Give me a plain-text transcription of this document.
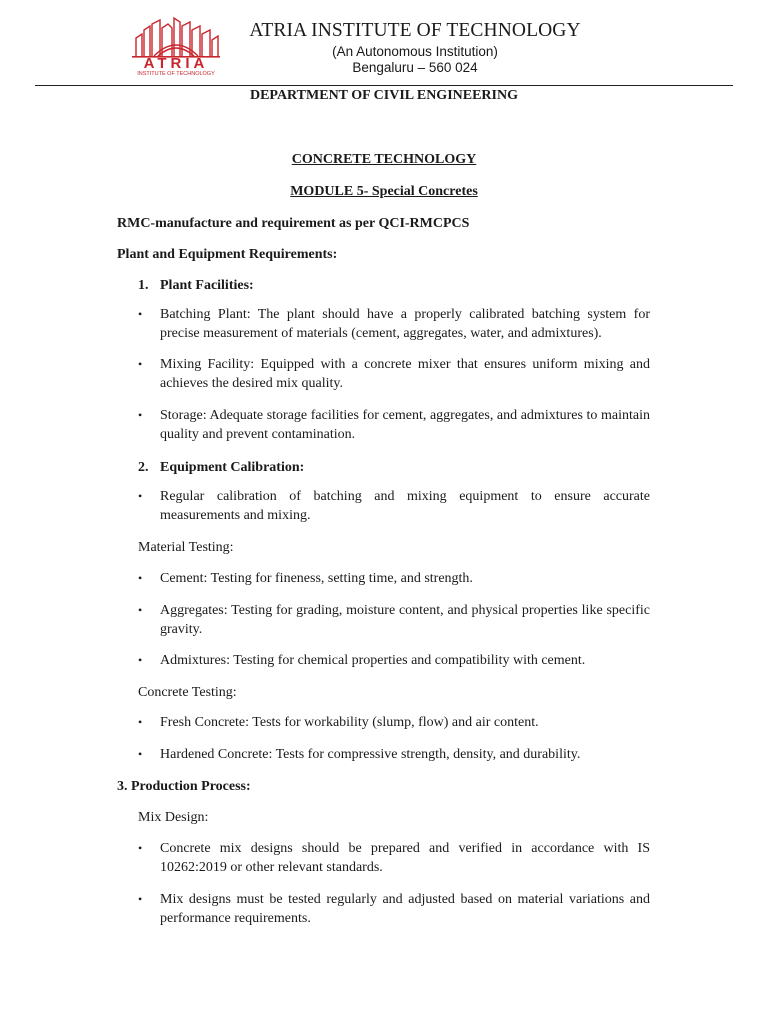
ATRIA
INSTITUTE OF TECHNOLOGY
ATRIA INSTITUTE OF TECHNOLOGY
(An Autonomous Institution)
Bengaluru – 560 024
DEPARTMENT OF CIVIL ENGINEERING
CONCRETE TECHNOLOGY
MODULE 5- Special Concretes
RMC-manufacture and requirement as per QCI-RMCPCS
Plant and Equipment Requirements:
1. Plant Facilities:
•	Batching Plant: The plant should have a properly calibrated batching system for precise measurement of materials (cement, aggregates, water, and admixtures).
•	Mixing Facility: Equipped with a concrete mixer that ensures uniform mixing and achieves the desired mix quality.
•	Storage: Adequate storage facilities for cement, aggregates, and admixtures to maintain quality and prevent contamination.
2. Equipment Calibration:
•	Regular calibration of batching and mixing equipment to ensure accurate measurements and mixing.
Material Testing:
•	Cement: Testing for fineness, setting time, and strength.
•	Aggregates: Testing for grading, moisture content, and physical properties like specific gravity.
•	Admixtures: Testing for chemical properties and compatibility with cement.
Concrete Testing:
•	Fresh Concrete: Tests for workability (slump, flow) and air content.
•	Hardened Concrete: Tests for compressive strength, density, and durability.
3. Production Process:
Mix Design:
•	Concrete mix designs should be prepared and verified in accordance with IS 10262:2019 or other relevant standards.
•	Mix designs must be tested regularly and adjusted based on material variations and performance requirements.
